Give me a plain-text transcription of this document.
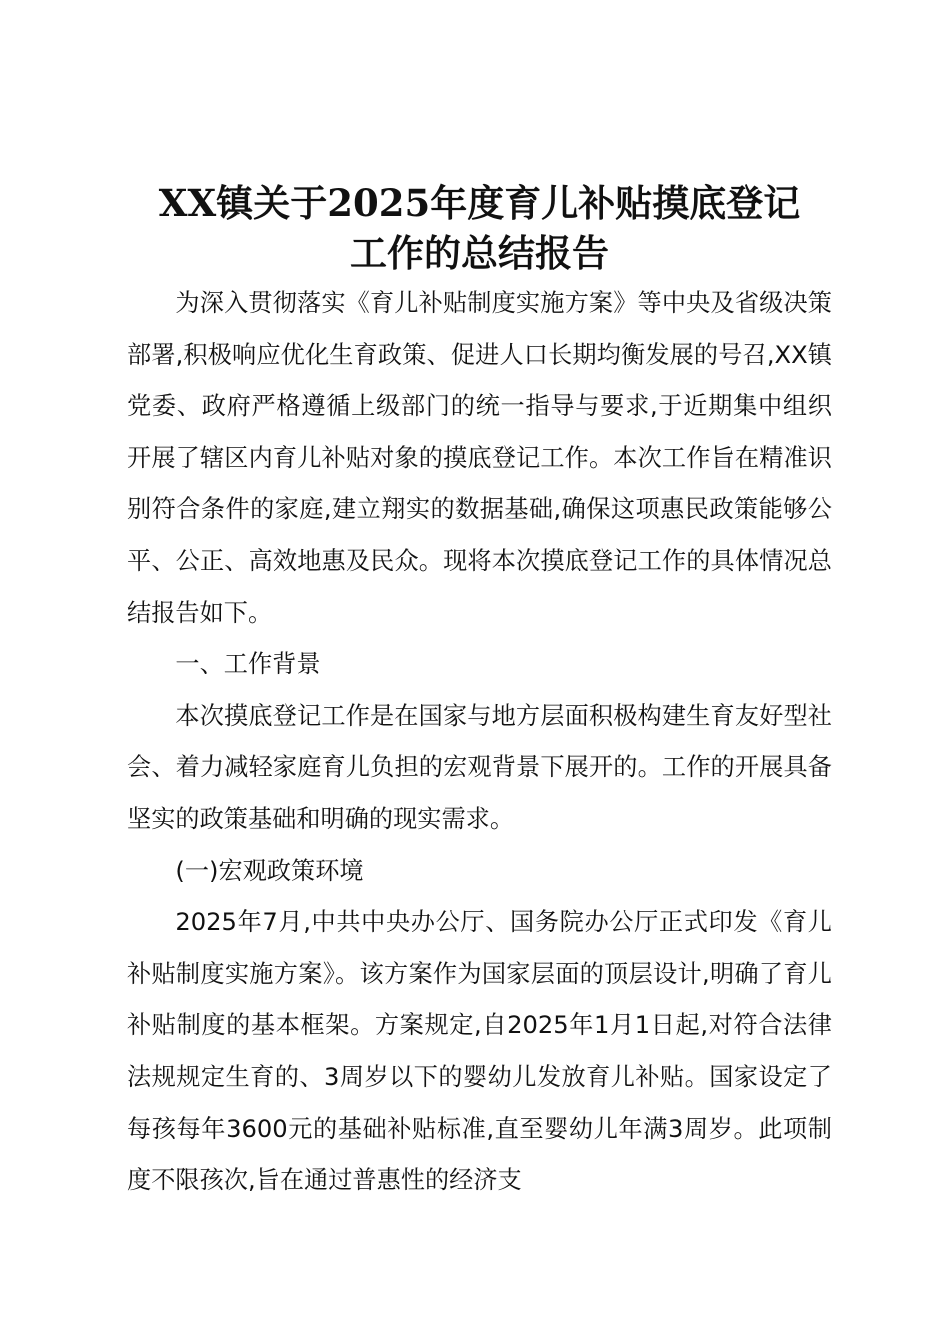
XX镇关于2025年度育儿补贴摸底登记
工作的总结报告

为深入贯彻落实《育儿补贴制度实施方案》等中央及省级决策部署,积极响应优化生育政策、促进人口长期均衡发展的号召,XX镇党委、政府严格遵循上级部门的统一指导与要求,于近期集中组织开展了辖区内育儿补贴对象的摸底登记工作。本次工作旨在精准识别符合条件的家庭,建立翔实的数据基础,确保这项惠民政策能够公平、公正、高效地惠及民众。现将本次摸底登记工作的具体情况总结报告如下。

一、工作背景

本次摸底登记工作是在国家与地方层面积极构建生育友好型社会、着力减轻家庭育儿负担的宏观背景下展开的。工作的开展具备坚实的政策基础和明确的现实需求。

(一)宏观政策环境

2025年7月,中共中央办公厅、国务院办公厅正式印发《育儿补贴制度实施方案》。该方案作为国家层面的顶层设计,明确了育儿补贴制度的基本框架。方案规定,自2025年1月1日起,对符合法律法规规定生育的、3周岁以下的婴幼儿发放育儿补贴。国家设定了每孩每年3600元的基础补贴标准,直至婴幼儿年满3周岁。此项制度不限孩次,旨在通过普惠性的经济支
